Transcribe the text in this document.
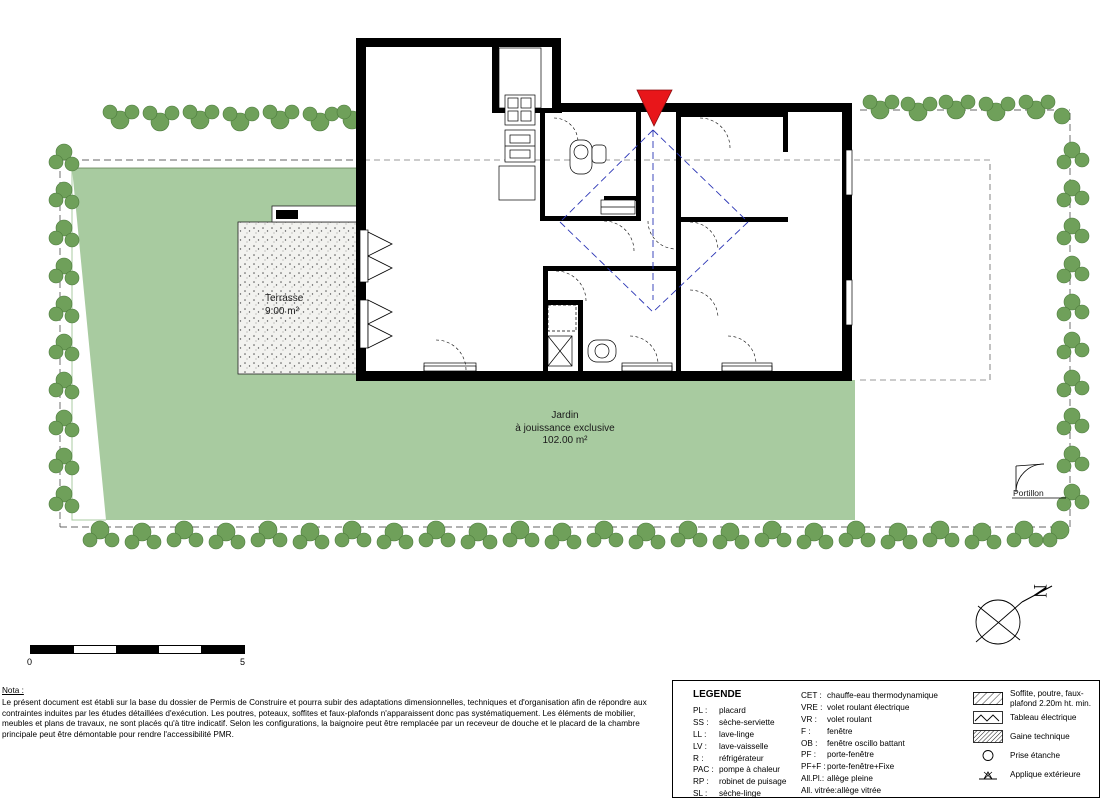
Terrasse
9.00 m²
Jardin
à jouissance exclusive
102.00 m²
Portillon
N
0	5
Nota :
Le présent document est établi sur la base du dossier de Permis de Construire et pourra subir des adaptations dimensionnelles, techniques et d'organisation afin de répondre aux contraintes induites par les études détaillées d'exécution. Les poutres, poteaux, soffites et faux-plafonds n'apparaissent donc pas systématiquement. Les éléments de mobilier, meubles et plans de travaux, ne sont placés qu'à titre indicatif. Selon les configurations, la baignoire peut être remplacée par un receveur de douche et le placard de la chambre principale peut être démontable pour rendre l'accessibilité PMR.
LEGENDE
PL : placard
SS : sèche-serviette
LL : lave-linge
LV : lave-vaisselle
R : réfrigérateur
PAC : pompe à chaleur
RP : robinet de puisage
SL : sèche-linge
CET : chauffe-eau thermodynamique
VRE : volet roulant électrique
VR : volet roulant
F : fenêtre
OB : fenêtre oscillo battant
PF : porte-fenêtre
PF+F :porte-fenêtre+Fixe
All.Pl.: allège pleine
All. vitrée:allège vitrée
Soffite, poutre, faux-plafond 2.20m ht. min.
Tableau électrique
Gaine technique
Prise étanche
Applique extérieure
